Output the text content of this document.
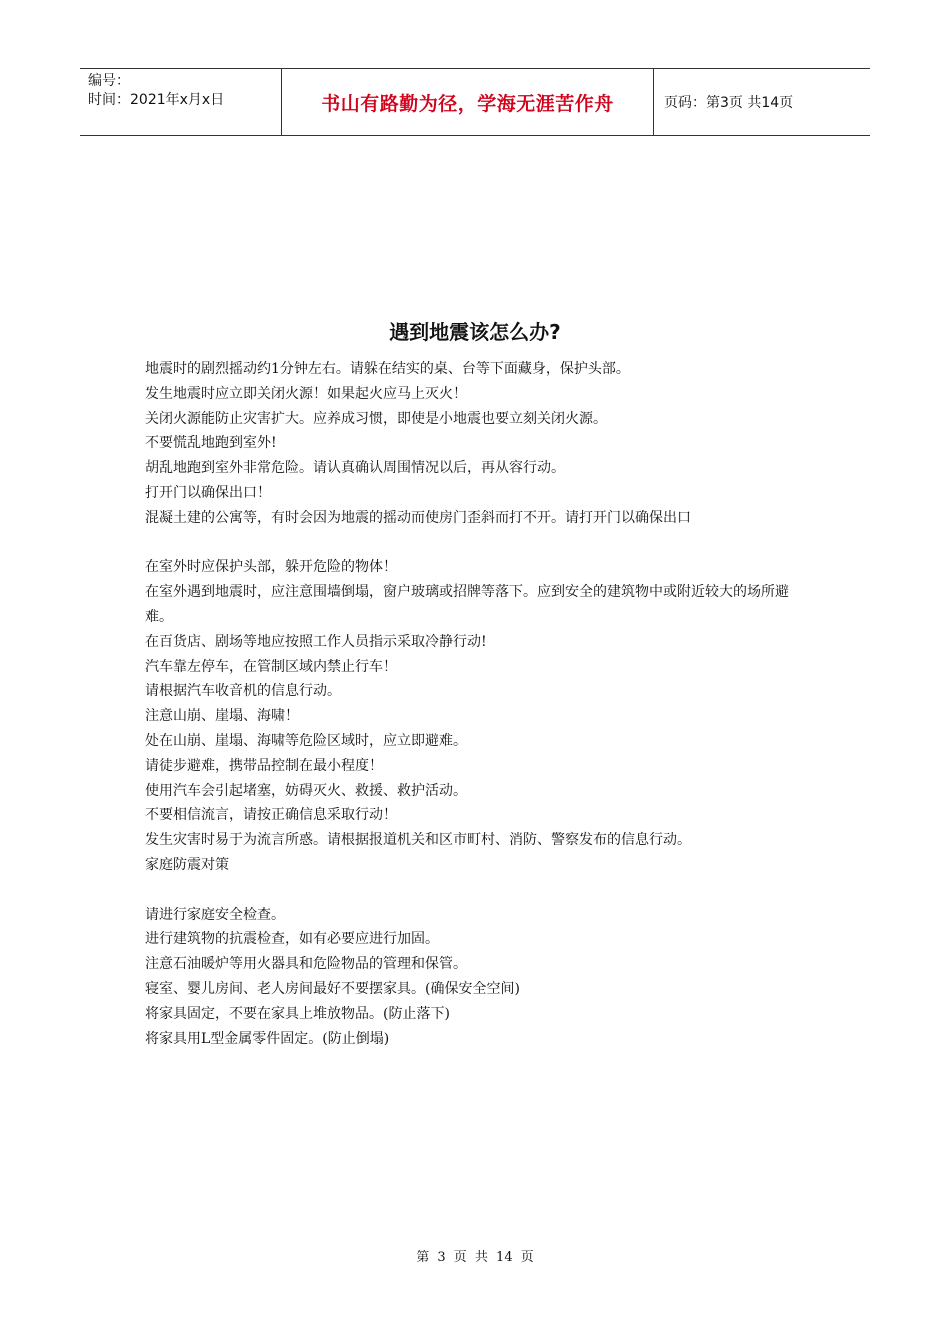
编号：
时间：2021年x月x日	书山有路勤为径，学海无涯苦作舟	页码：第3页 共14页
遇到地震该怎么办?

地震时的剧烈摇动约1分钟左右。请躲在结实的桌、台等下面藏身，保护头部。

发生地震时应立即关闭火源！如果起火应马上灭火！

关闭火源能防止灾害扩大。应养成习惯，即使是小地震也要立刻关闭火源。

不要慌乱地跑到室外!

胡乱地跑到室外非常危险。请认真确认周围情况以后，再从容行动。

打开门以确保出口！

混凝土建的公寓等，有时会因为地震的摇动而使房门歪斜而打不开。请打开门以确保出口

在室外时应保护头部，躲开危险的物体！

在室外遇到地震时，应注意围墙倒塌，窗户玻璃或招牌等落下。应到安全的建筑物中或附近较大的场所避难。

在百货店、剧场等地应按照工作人员指示采取冷静行动!

汽车靠左停车，在管制区域内禁止行车！

请根据汽车收音机的信息行动。

注意山崩、崖塌、海啸！

处在山崩、崖塌、海啸等危险区域时，应立即避难。

请徒步避难，携带品控制在最小程度！

使用汽车会引起堵塞，妨碍灭火、救援、救护活动。

不要相信流言，请按正确信息采取行动！

发生灾害时易于为流言所惑。请根据报道机关和区市町村、消防、警察发布的信息行动。

家庭防震对策

请进行家庭安全检查。

进行建筑物的抗震检查，如有必要应进行加固。

注意石油暖炉等用火器具和危险物品的管理和保管。

寝室、婴儿房间、老人房间最好不要摆家具。(确保安全空间)

将家具固定，不要在家具上堆放物品。(防止落下)

将家具用L型金属零件固定。(防止倒塌)

第 3 页 共 14 页
